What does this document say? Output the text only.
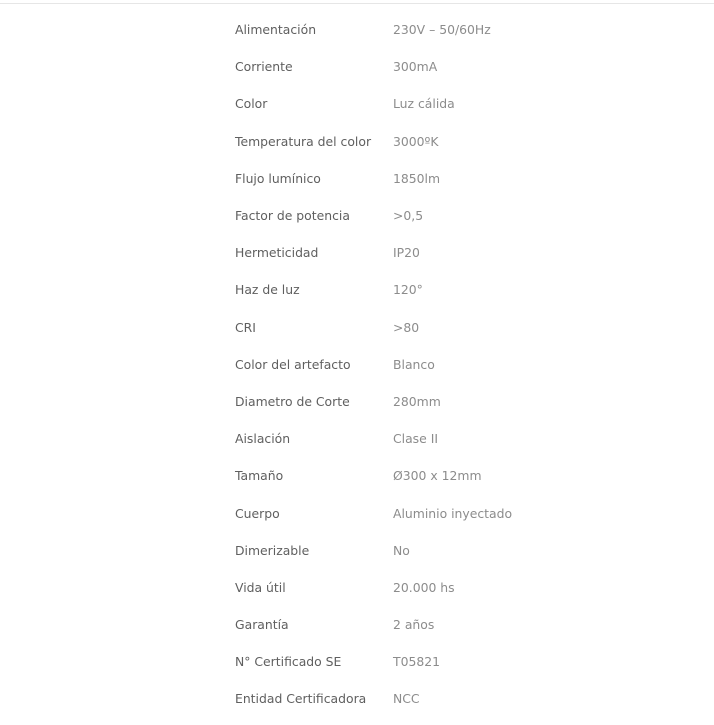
Alimentación	230V – 50/60Hz
Corriente	300mA
Color	Luz cálida
Temperatura del color	3000ºK
Flujo lumínico	1850lm
Factor de potencia	>0,5
Hermeticidad	IP20
Haz de luz	120°
CRI	>80
Color del artefacto	Blanco
Diametro de Corte	280mm
Aislación	Clase II
Tamaño	Ø300 x 12mm
Cuerpo	Aluminio inyectado
Dimerizable	No
Vida útil	20.000 hs
Garantía	2 años
N° Certificado SE	T05821
Entidad Certificadora	NCC
